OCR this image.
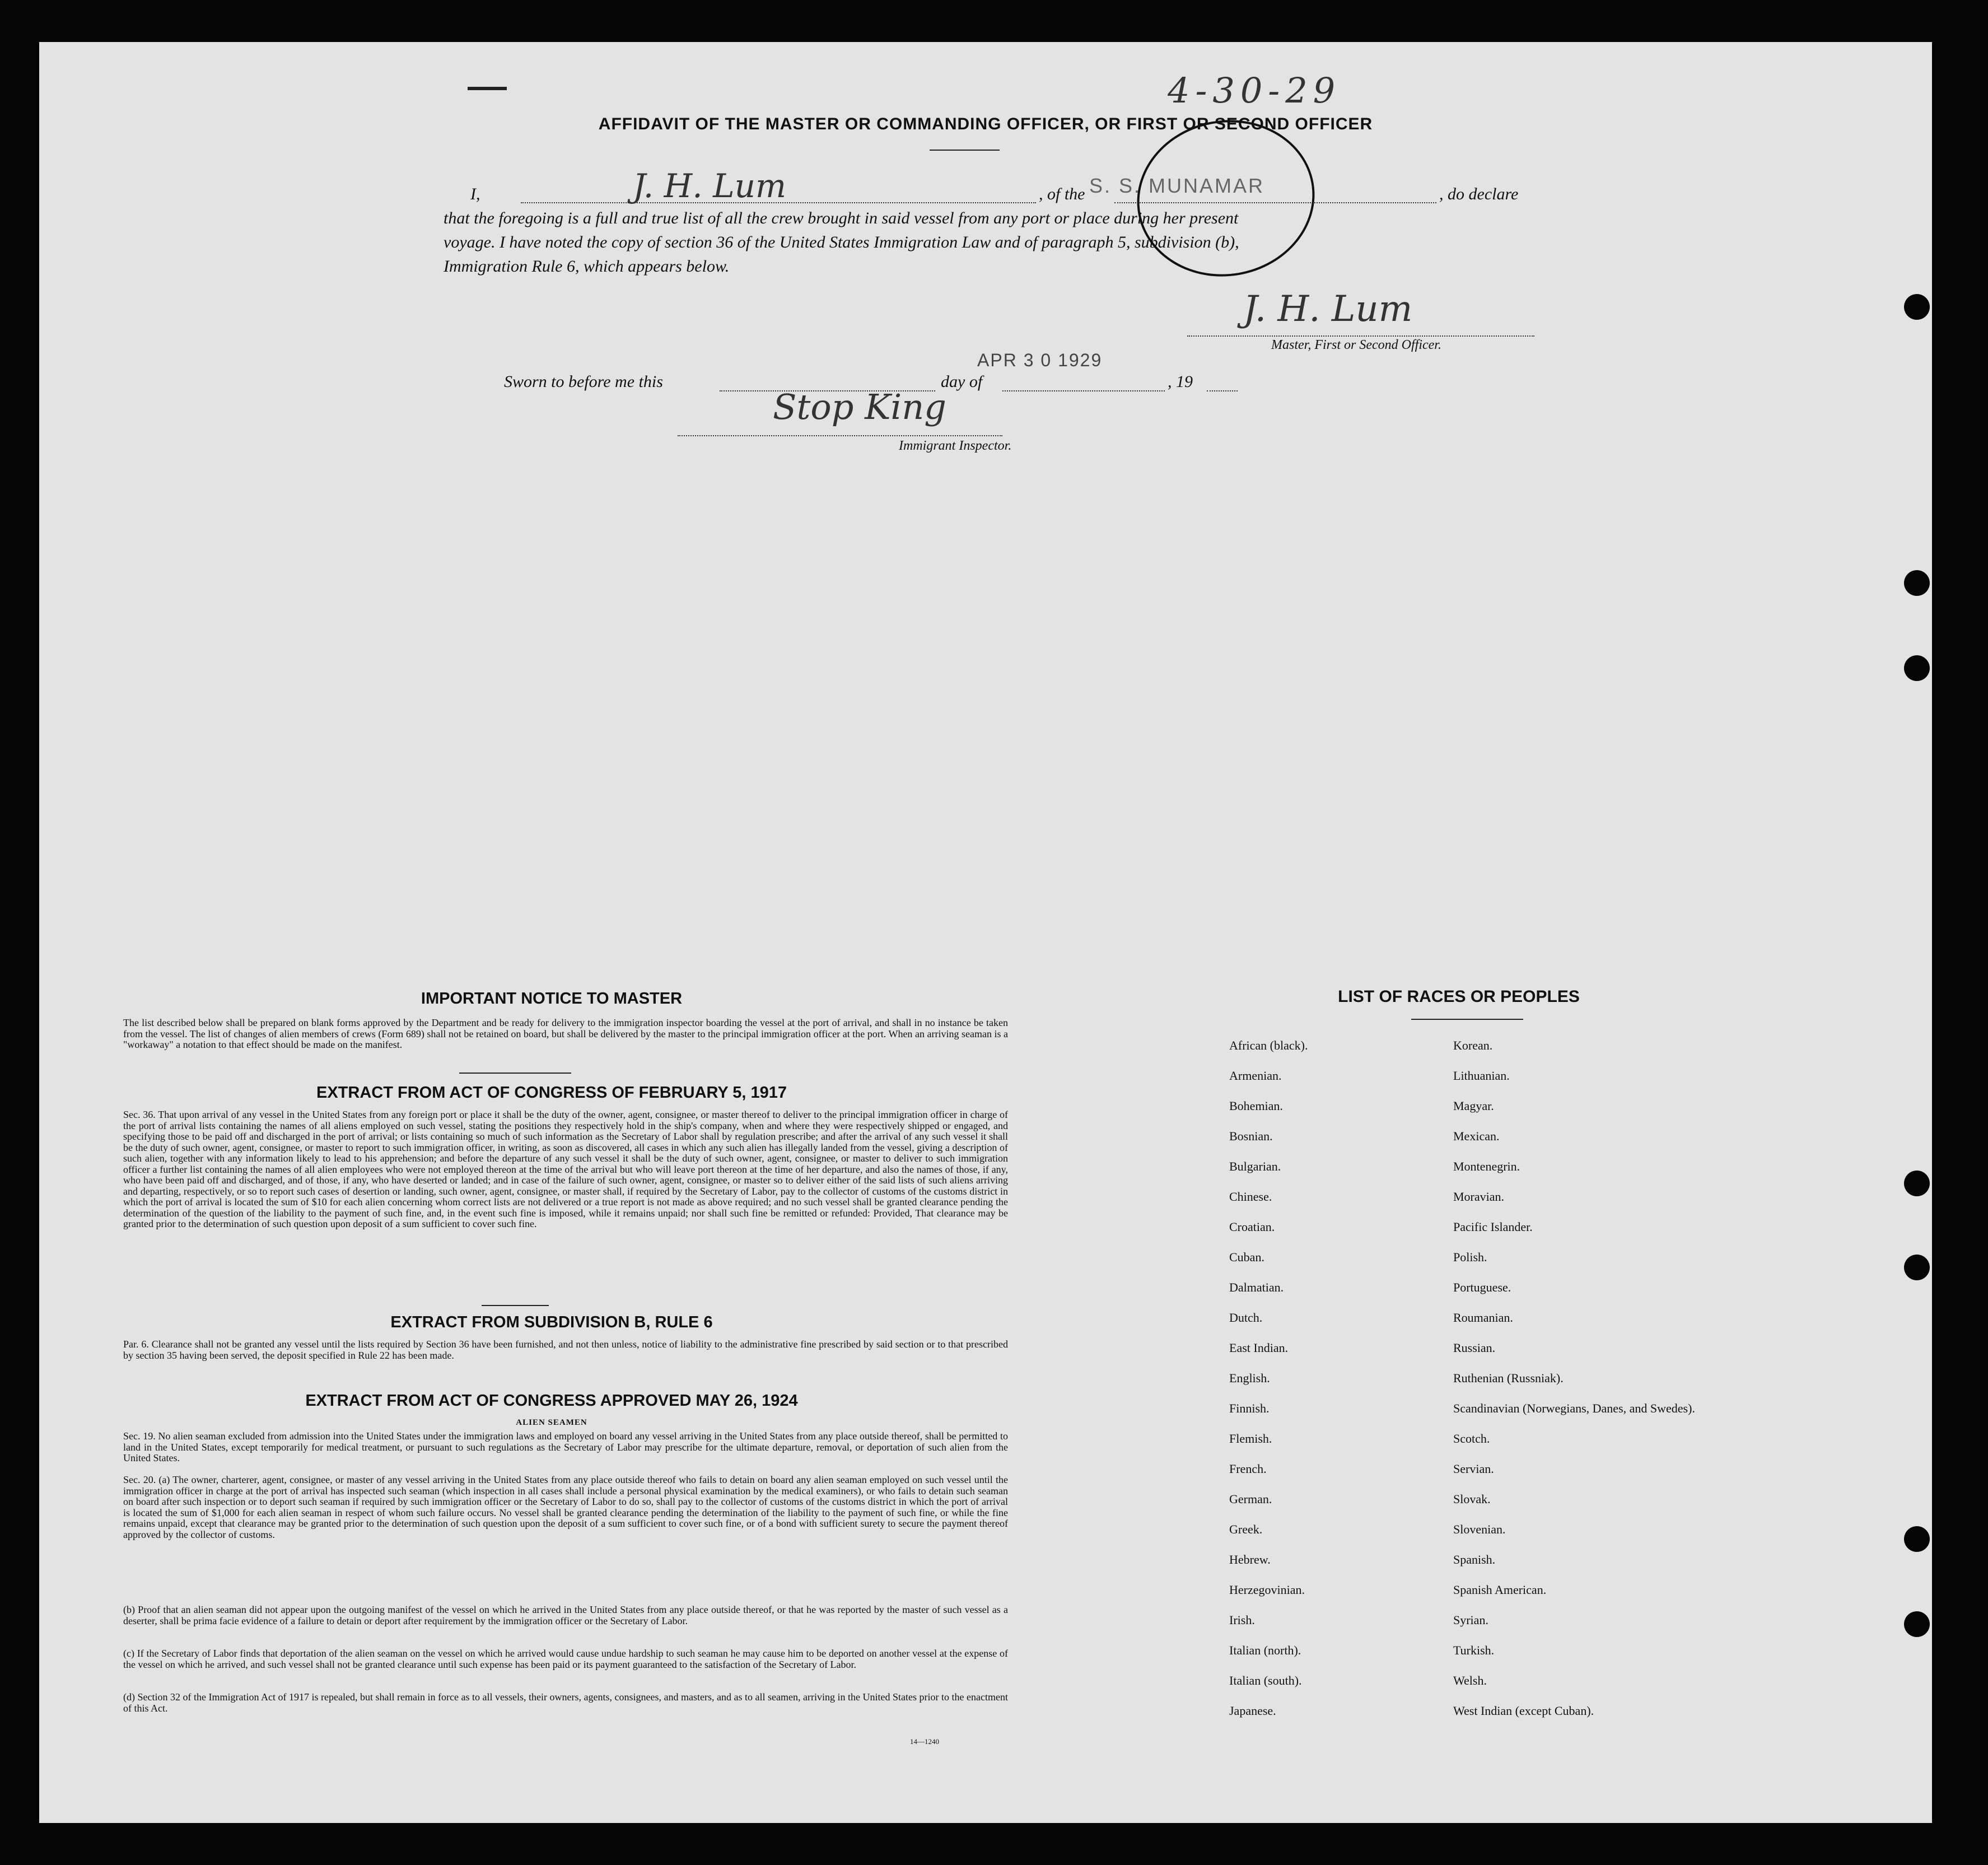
4-30-29
AFFIDAVIT OF THE MASTER OR COMMANDING OFFICER, OR FIRST OR SECOND OFFICER
I,	J. H. Lum	, of the S. S. MUNAMAR	, do declare
that the foregoing is a full and true list of all the crew brought in said vessel from any port or place during her present
voyage. I have noted the copy of section 36 of the United States Immigration Law and of paragraph 5, subdivision (b),
Immigration Rule 6, which appears below.
J. H. Lum
Master, First or Second Officer.
Sworn to before me this	day of
APR 3 0 1929
, 19
Stop King
Immigrant Inspector.
IMPORTANT NOTICE TO MASTER

The list described below shall be prepared on blank forms approved by the Department and be ready for delivery to the immigration inspector boarding the vessel at the port of arrival, and shall in no instance be taken from the vessel. The list of changes of alien members of crews (Form 689) shall not be retained on board, but shall be delivered by the master to the principal immigration officer at the port. When an arriving seaman is a "workaway" a notation to that effect should be made on the manifest.

EXTRACT FROM ACT OF CONGRESS OF FEBRUARY 5, 1917

Sec. 36. That upon arrival of any vessel in the United States from any foreign port or place it shall be the duty of the owner, agent, consignee, or master thereof to deliver to the principal immigration officer in charge of the port of arrival lists containing the names of all aliens employed on such vessel, stating the positions they respectively hold in the ship's company, when and where they were respectively shipped or engaged, and specifying those to be paid off and discharged in the port of arrival; or lists containing so much of such information as the Secretary of Labor shall by regulation prescribe; and after the arrival of any such vessel it shall be the duty of such owner, agent, consignee, or master to report to such immigration officer, in writing, as soon as discovered, all cases in which any such alien has illegally landed from the vessel, giving a description of such alien, together with any information likely to lead to his apprehension; and before the departure of any such vessel it shall be the duty of such owner, agent, consignee, or master to deliver to such immigration officer a further list containing the names of all alien employees who were not employed thereon at the time of the arrival but who will leave port thereon at the time of her departure, and also the names of those, if any, who have been paid off and discharged, and of those, if any, who have deserted or landed; and in case of the failure of such owner, agent, consignee, or master so to deliver either of the said lists of such aliens arriving and departing, respectively, or so to report such cases of desertion or landing, such owner, agent, consignee, or master shall, if required by the Secretary of Labor, pay to the collector of customs of the customs district in which the port of arrival is located the sum of $10 for each alien concerning whom correct lists are not delivered or a true report is not made as above required; and no such vessel shall be granted clearance pending the determination of the question of the liability to the payment of such fine, and, in the event such fine is imposed, while it remains unpaid; nor shall such fine be remitted or refunded: Provided, That clearance may be granted prior to the determination of such question upon deposit of a sum sufficient to cover such fine.

EXTRACT FROM SUBDIVISION B, RULE 6

Par. 6. Clearance shall not be granted any vessel until the lists required by Section 36 have been furnished, and not then unless, notice of liability to the administrative fine prescribed by said section or to that prescribed by section 35 having been served, the deposit specified in Rule 22 has been made.

EXTRACT FROM ACT OF CONGRESS APPROVED MAY 26, 1924
ALIEN SEAMEN

Sec. 19. No alien seaman excluded from admission into the United States under the immigration laws and employed on board any vessel arriving in the United States from any place outside thereof, shall be permitted to land in the United States, except temporarily for medical treatment, or pursuant to such regulations as the Secretary of Labor may prescribe for the ultimate departure, removal, or deportation of such alien from the United States.

Sec. 20. (a) The owner, charterer, agent, consignee, or master of any vessel arriving in the United States from any place outside thereof who fails to detain on board any alien seaman employed on such vessel until the immigration officer in charge at the port of arrival has inspected such seaman (which inspection in all cases shall include a personal physical examination by the medical examiners), or who fails to detain such seaman on board after such inspection or to deport such seaman if required by such immigration officer or the Secretary of Labor to do so, shall pay to the collector of customs of the customs district in which the port of arrival is located the sum of $1,000 for each alien seaman in respect of whom such failure occurs. No vessel shall be granted clearance pending the determination of the liability to the payment of such fine, or while the fine remains unpaid, except that clearance may be granted prior to the determination of such question upon the deposit of a sum sufficient to cover such fine, or of a bond with sufficient surety to secure the payment thereof approved by the collector of customs.

(b) Proof that an alien seaman did not appear upon the outgoing manifest of the vessel on which he arrived in the United States from any place outside thereof, or that he was reported by the master of such vessel as a deserter, shall be prima facie evidence of a failure to detain or deport after requirement by the immigration officer or the Secretary of Labor.

(c) If the Secretary of Labor finds that deportation of the alien seaman on the vessel on which he arrived would cause undue hardship to such seaman he may cause him to be deported on another vessel at the expense of the vessel on which he arrived, and such vessel shall not be granted clearance until such expense has been paid or its payment guaranteed to the satisfaction of the Secretary of Labor.

(d) Section 32 of the Immigration Act of 1917 is repealed, but shall remain in force as to all vessels, their owners, agents, consignees, and masters, and as to all seamen, arriving in the United States prior to the enactment of this Act.

14—1240
LIST OF RACES OR PEOPLES
African (black).	Korean.
Armenian.	Lithuanian.
Bohemian.	Magyar.
Bosnian.	Mexican.
Bulgarian.	Montenegrin.
Chinese.	Moravian.
Croatian.	Pacific Islander.
Cuban.	Polish.
Dalmatian.	Portuguese.
Dutch.	Roumanian.
East Indian.	Russian.
English.	Ruthenian (Russniak).
Finnish.	Scandinavian (Norwegians, Danes, and Swedes).
Flemish.	Scotch.
French.	Servian.
German.	Slovak.
Greek.	Slovenian.
Hebrew.	Spanish.
Herzegovinian.	Spanish American.
Irish.	Syrian.
Italian (north).	Turkish.
Italian (south).	Welsh.
Japanese.	West Indian (except Cuban).
